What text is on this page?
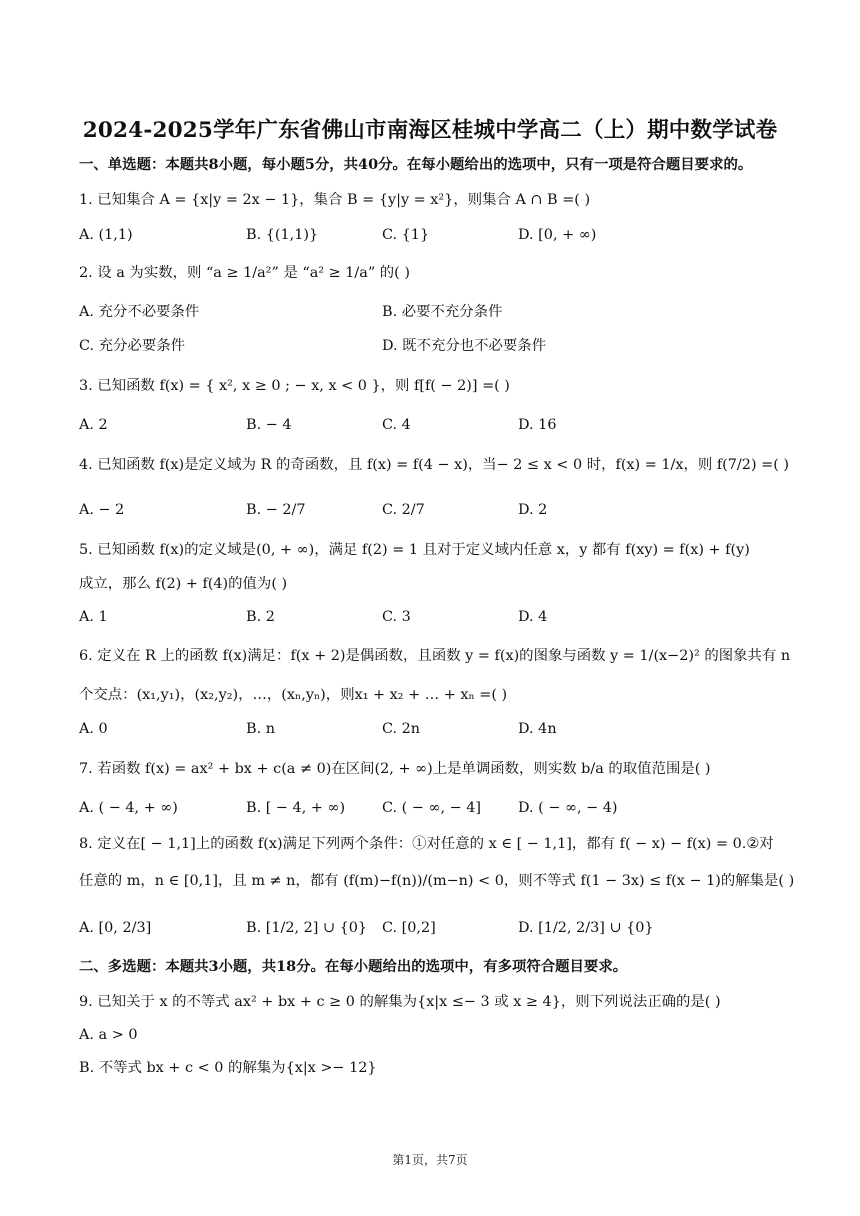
2024-2025学年广东省佛山市南海区桂城中学高二（上）期中数学试卷
一、单选题：本题共8小题，每小题5分，共40分。在每小题给出的选项中，只有一项是符合题目要求的。
1. 已知集合 A = {x|y = 2x − 1}，集合 B = {y|y = x²}，则集合 A ∩ B =( )
A. (1,1)	B. {(1,1)}	C. {1}	D. [0, + ∞)
2. 设 a 为实数，则 “a ≥ 1/a²” 是 “a² ≥ 1/a” 的( )
A. 充分不必要条件	B. 必要不充分条件
C. 充分必要条件	D. 既不充分也不必要条件
3. 已知函数 f(x) = { x², x ≥ 0 ; − x, x < 0 }，则 f[f( − 2)] =( )
A. 2	B. − 4	C. 4	D. 16
4. 已知函数 f(x)是定义域为 R 的奇函数，且 f(x) = f(4 − x)，当− 2 ≤ x < 0 时，f(x) = 1/x，则 f(7/2) =( )
A. − 2	B. − 2/7	C. 2/7	D. 2
5. 已知函数 f(x)的定义域是(0, + ∞)，满足 f(2) = 1 且对于定义域内任意 x，y 都有 f(xy) = f(x) + f(y)
成立，那么 f(2) + f(4)的值为( )
A. 1	B. 2	C. 3	D. 4
6. 定义在 R 上的函数 f(x)满足：f(x + 2)是偶函数，且函数 y = f(x)的图象与函数 y = 1/(x−2)² 的图象共有 n
个交点：(x₁,y₁)，(x₂,y₂)，…，(xₙ,yₙ)，则x₁ + x₂ + … + xₙ =( )
A. 0	B. n	C. 2n	D. 4n
7. 若函数 f(x) = ax² + bx + c(a ≠ 0)在区间(2, + ∞)上是单调函数，则实数 b/a 的取值范围是( )
A. ( − 4, + ∞)	B. [ − 4, + ∞)	C. ( − ∞, − 4]	D. ( − ∞, − 4)
8. 定义在[ − 1,1]上的函数 f(x)满足下列两个条件：①对任意的 x ∈ [ − 1,1]，都有 f( − x) − f(x) = 0.②对
任意的 m，n ∈ [0,1]，且 m ≠ n，都有 (f(m)−f(n))/(m−n) < 0，则不等式 f(1 − 3x) ≤ f(x − 1)的解集是( )
A. [0, 2/3]	B. [1/2, 2] ∪ {0} C. [0,2]	D. [1/2, 2/3] ∪ {0}
二、多选题：本题共3小题，共18分。在每小题给出的选项中，有多项符合题目要求。
9. 已知关于 x 的不等式 ax² + bx + c ≥ 0 的解集为{x|x ≤− 3 或 x ≥ 4}，则下列说法正确的是( )
A. a > 0
B. 不等式 bx + c < 0 的解集为{x|x >− 12}
第1页，共7页
